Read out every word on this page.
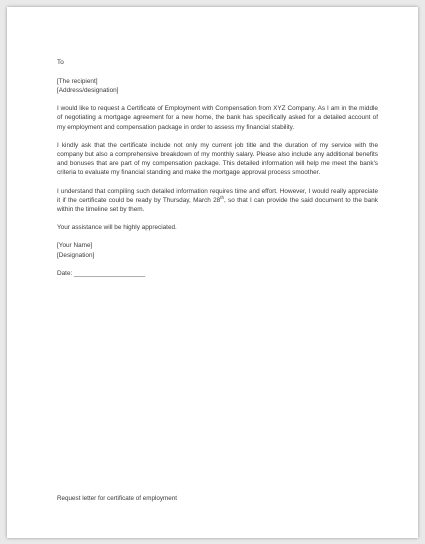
To
[The recipient]
[Address/designation]

I would like to request a Certificate of Employment with Compensation from XYZ Company. As I am in the middle of negotiating a mortgage agreement for a new home, the bank has specifically asked for a detailed account of my employment and compensation package in order to assess my financial stability.

I kindly ask that the certificate include not only my current job title and the duration of my service with the company but also a comprehensive breakdown of my monthly salary. Please also include any additional benefits and bonuses that are part of my compensation package. This detailed information will help me meet the bank's criteria to evaluate my financial standing and make the mortgage approval process smoother.

I understand that compiling such detailed information requires time and effort. However, I would really appreciate it if the certificate could be ready by Thursday, March 28th, so that I can provide the said document to the bank within the timeline set by them.

Your assistance will be highly appreciated.
[Your Name]
[Designation]
Date: ____________________
Request letter for certificate of employment
